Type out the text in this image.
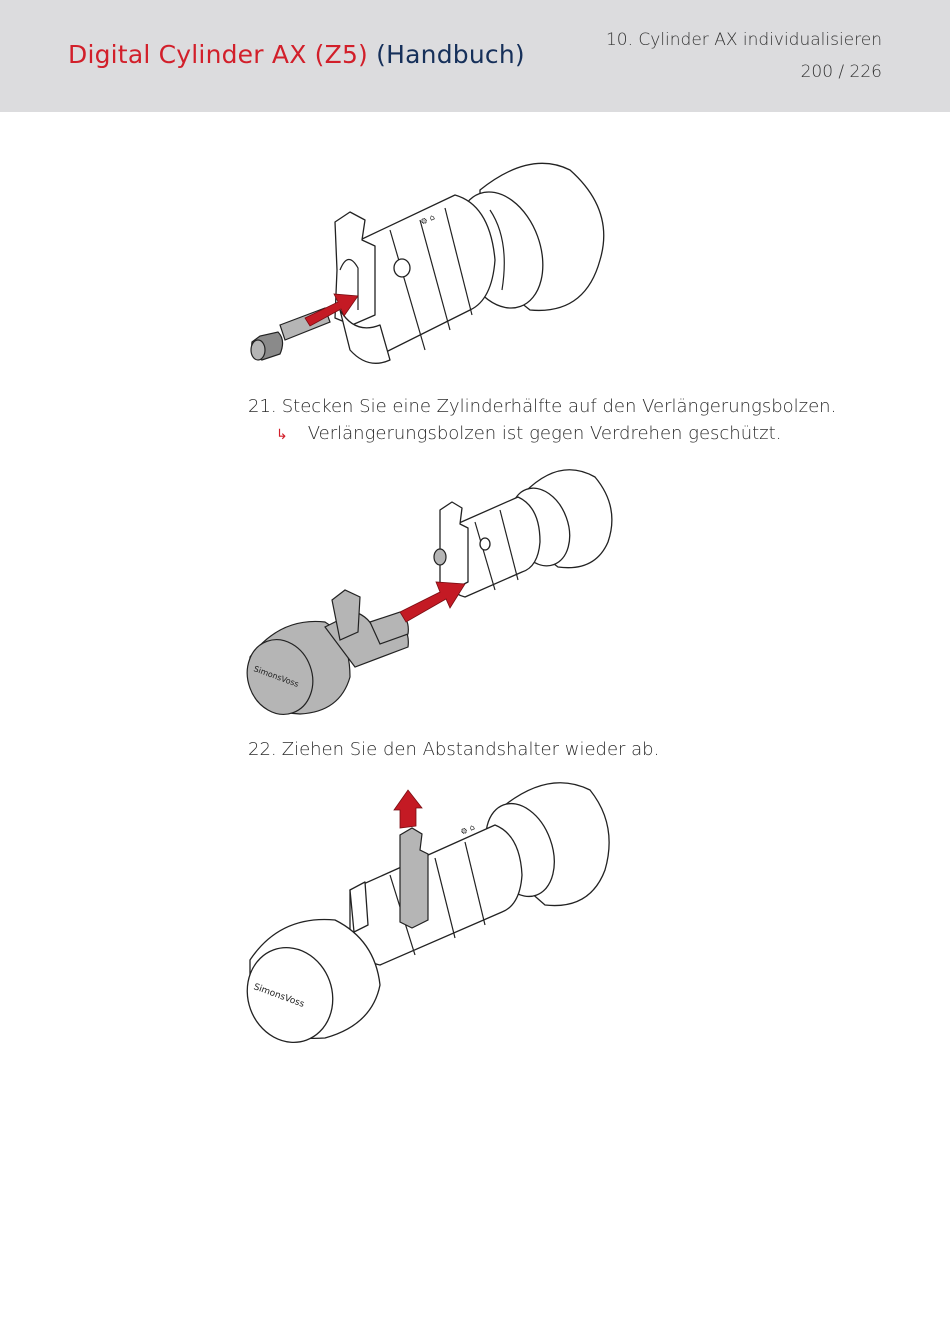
Digital Cylinder AX (Z5) (Handbuch)	10. Cylinder AX individualisieren
200 / 226
⚙ ⌂
21. Stecken Sie eine Zylinderhälfte auf den Verlängerungsbolzen.
↳ Verlängerungsbolzen ist gegen Verdrehen geschützt.
SimonsVoss
22. Ziehen Sie den Abstandshalter wieder ab.
⚙ ⌂
SimonsVoss
